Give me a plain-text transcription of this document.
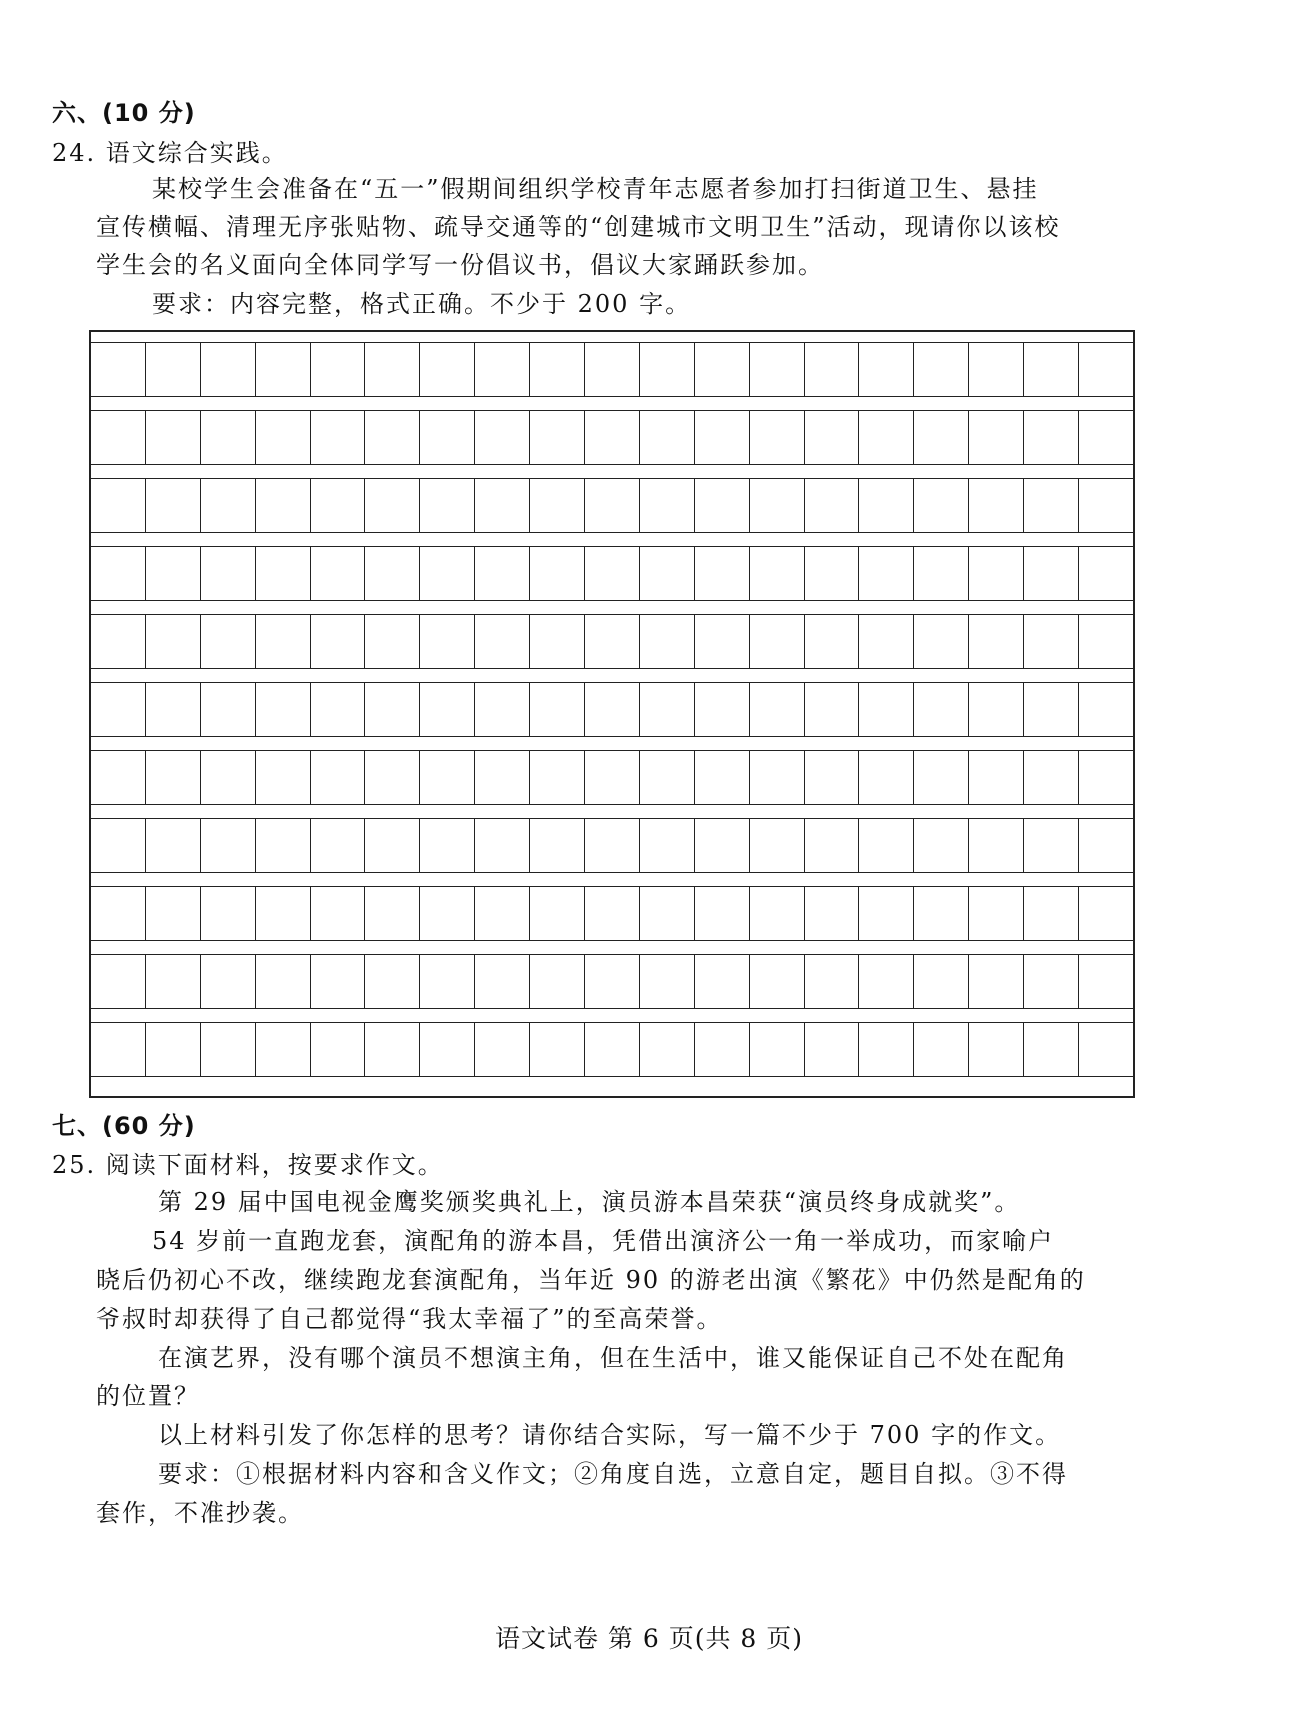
六、(10 分)
24. 语文综合实践。
某校学生会准备在“五一”假期间组织学校青年志愿者参加打扫街道卫生、悬挂
宣传横幅、清理无序张贴物、疏导交通等的“创建城市文明卫生”活动，现请你以该校
学生会的名义面向全体同学写一份倡议书，倡议大家踊跃参加。
要求：内容完整，格式正确。不少于 200 字。
七、(60 分)
25. 阅读下面材料，按要求作文。
第 29 届中国电视金鹰奖颁奖典礼上，演员游本昌荣获“演员终身成就奖”。
54 岁前一直跑龙套，演配角的游本昌，凭借出演济公一角一举成功，而家喻户
晓后仍初心不改，继续跑龙套演配角，当年近 90 的游老出演《繁花》中仍然是配角的
爷叔时却获得了自己都觉得“我太幸福了”的至高荣誉。
在演艺界，没有哪个演员不想演主角，但在生活中，谁又能保证自己不处在配角
的位置？
以上材料引发了你怎样的思考？请你结合实际，写一篇不少于 700 字的作文。
要求：①根据材料内容和含义作文；②角度自选，立意自定，题目自拟。③不得
套作，不准抄袭。
语文试卷 第 6 页(共 8 页)
